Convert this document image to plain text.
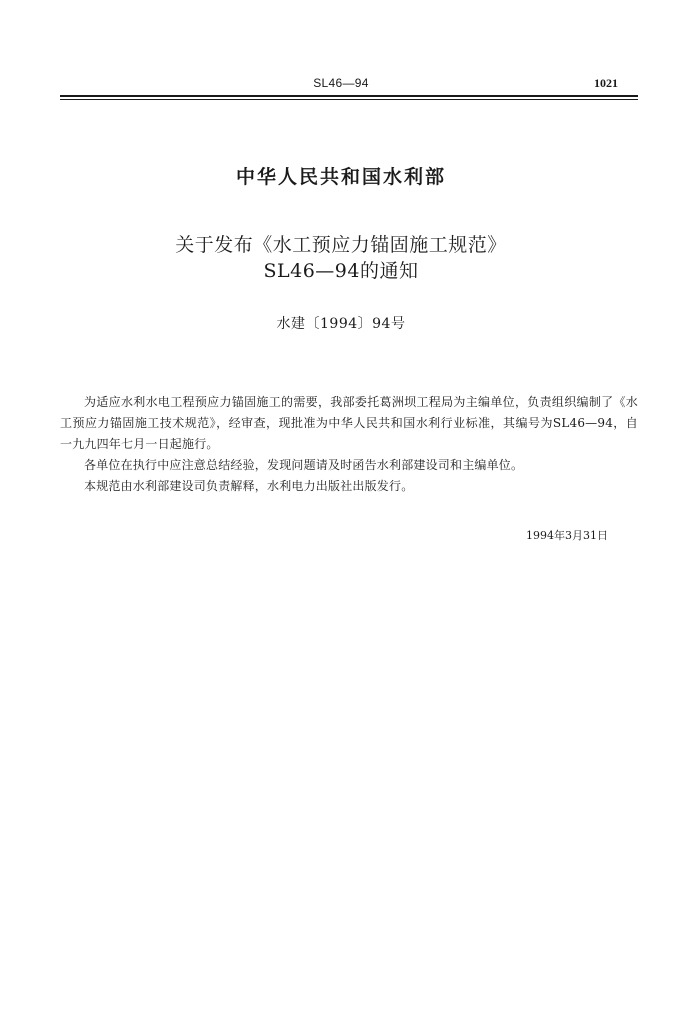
SL46—94	1021
中华人民共和国水利部
关于发布《水工预应力锚固施工规范》
SL46—94的通知
水建〔1994〕94号

为适应水利水电工程预应力锚固施工的需要，我部委托葛洲坝工程局为主编单位，负责组织编制了《水工预应力锚固施工技术规范》，经审查，现批准为中华人民共和国水利行业标准，其编号为SL46—94，自一九九四年七月一日起施行。

各单位在执行中应注意总结经验，发现问题请及时函告水利部建设司和主编单位。

本规范由水利部建设司负责解释，水利电力出版社出版发行。

1994年3月31日
